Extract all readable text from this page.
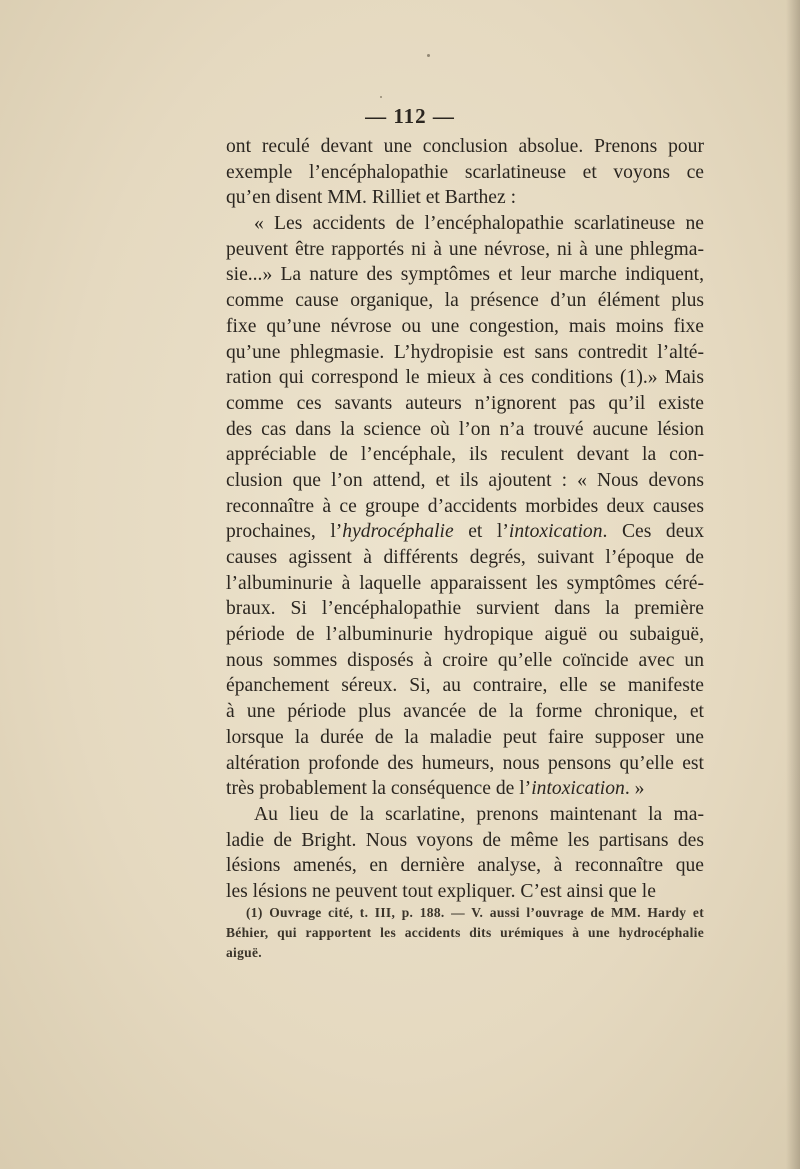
— 112 —
ont reculé devant une conclusion absolue. Prenons pour
exemple l’encéphalopathie scarlatineuse et voyons ce
qu’en disent MM. Rilliet et Barthez :
« Les accidents de l’encéphalopathie scarlatineuse ne
peuvent être rapportés ni à une névrose, ni à une phlegma-
sie...» La nature des symptômes et leur marche indiquent,
comme cause organique, la présence d’un élément plus
fixe qu’une névrose ou une congestion, mais moins fixe
qu’une phlegmasie. L’hydropisie est sans contredit l’alté-
ration qui correspond le mieux à ces conditions (1).» Mais
comme ces savants auteurs n’ignorent pas qu’il existe
des cas dans la science où l’on n’a trouvé aucune lésion
appréciable de l’encéphale, ils reculent devant la con-
clusion que l’on attend, et ils ajoutent : « Nous devons
reconnaître à ce groupe d’accidents morbides deux causes
prochaines, l’hydrocéphalie et l’intoxication. Ces deux
causes agissent à différents degrés, suivant l’époque de
l’albuminurie à laquelle apparaissent les symptômes céré-
braux. Si l’encéphalopathie survient dans la première
période de l’albuminurie hydropique aiguë ou subaiguë,
nous sommes disposés à croire qu’elle coïncide avec un
épanchement séreux. Si, au contraire, elle se manifeste
à une période plus avancée de la forme chronique, et
lorsque la durée de la maladie peut faire supposer une
altération profonde des humeurs, nous pensons qu’elle est
très probablement la conséquence de l’intoxication. »
Au lieu de la scarlatine, prenons maintenant la ma-
ladie de Bright. Nous voyons de même les partisans des
lésions amenés, en dernière analyse, à reconnaître que
les lésions ne peuvent tout expliquer. C’est ainsi que le
(1) Ouvrage cité, t. III, p. 188. — V. aussi l’ouvrage de MM. Hardy et
Béhier, qui rapportent les accidents dits urémiques à une hydrocéphalie
aiguë.
